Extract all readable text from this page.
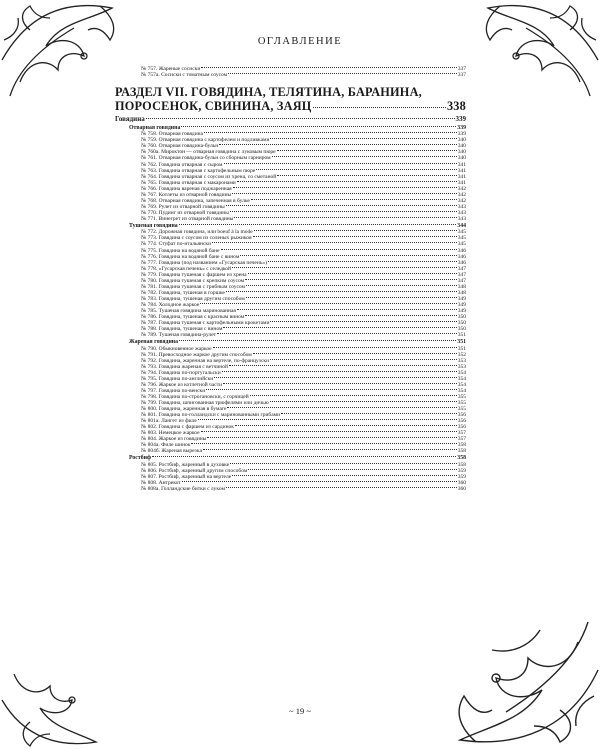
ОГЛАВЛЕНИЕ
№ 757. Жареные сосиски	337
№ 757а. Сосиски с томатным соусом	337
РАЗДЕЛ VII. ГОВЯДИНА, ТЕЛЯТИНА, БАРАНИНА,
ПОРОСЕНОК, СВИНИНА, ЗАЯЦ	338
Говядина	339
Отварная говядина	339
№ 758. Отварная говядина	339
№ 759. Отварная говядина с картофелем и подливками	340
№ 760. Отварная говядина-бульи	340
№ 760а. Мироктон — отварная говядина с луковым пюре	340
№ 761. Отварная говядина-бульи со сборным гарниром	340
№ 762. Говядина отварная с сыром	341
№ 763. Говядина отварная с картофельным пюре	341
№ 764. Говядина отварная с соусом из хрена, со сметаной	341
№ 765. Говядина отварная с макаронами	341
№ 766. Говядина вареная поджаренная	342
№ 767. Котлеты из отварной говядины	342
№ 768. Отварная говядина, запеченная в булке	342
№ 769. Рулет из отварной говядины	343
№ 770. Пудинг из отварной говядины	343
№ 771. Винегрет из отварной говядины	343
Тушеная говядина	344
№ 772. Дорожная говядина, или boeuf à la mode	345
№ 773. Говядина с соусом из соленых рыжиков	345
№ 774. Стуфат по-итальянски	345
№ 775. Говядина на водяной бане	346
№ 776. Говядина на водяной бане с вином	346
№ 777. Говядина (под названием «Гусарская печень»)	346
№ 778. «Гусарская печень» с селедкой	347
№ 779. Говядина тушеная с фаршем из хрена	347
№ 780. Говядина тушеная с крепким соусом	347
№ 781. Говядина тушеная с грибным соусом	348
№ 782. Говядина, тушеная в горшке	348
№ 783. Говядина, тушеная другим способом	349
№ 784. Холодное жаркое	349
№ 785. Тушеная говядина маринованная	349
№ 786. Говядина, тушеная с красным вином	350
№ 787. Говядина тушеная с картофельными крокетами	350
№ 788. Говядина, тушеная с вином	350
№ 789. Тушеная говядина-рулет	351
Жареная говядина	351
№ 790. Обыкновенное жаркое	351
№ 791. Превосходное жаркое другим способом	352
№ 792. Говядина, жаренная на вертеле, по-французски	353
№ 793. Говядина жареная с ветчиной	353
№ 794. Говядина по-португальски	354
№ 795. Говядина по-английски	354
№ 796. Жаркое из котлетной части	354
№ 797. Говядина по-венски	354
№ 798. Говядина по-строгановски, с горчицей	355
№ 799. Говядина, шпигованная трюфелями или дичью	355
№ 800. Говядина, жаренная в бумаге	355
№ 801. Говядина по-голландски с маринованными грибами	356
№ 801а. Лангет из филе	356
№ 802. Говядина с фаршем из сардинок	356
№ 803. Немецкое жаркое	357
№ 804. Жаркое из говядины	357
№ 804а. Филе шинок	358
№ 804б. Жареная вырезка	358
Ростбиф	358
№ 805. Ростбиф, жаренный в духовке	358
№ 806. Ростбиф, жаренный другим способом	359
№ 807. Ростбиф, жаренный на вертеле	359
№ 808. Антрекот	360
№ 808а. Голландские битки с луком	360
~ 19 ~
